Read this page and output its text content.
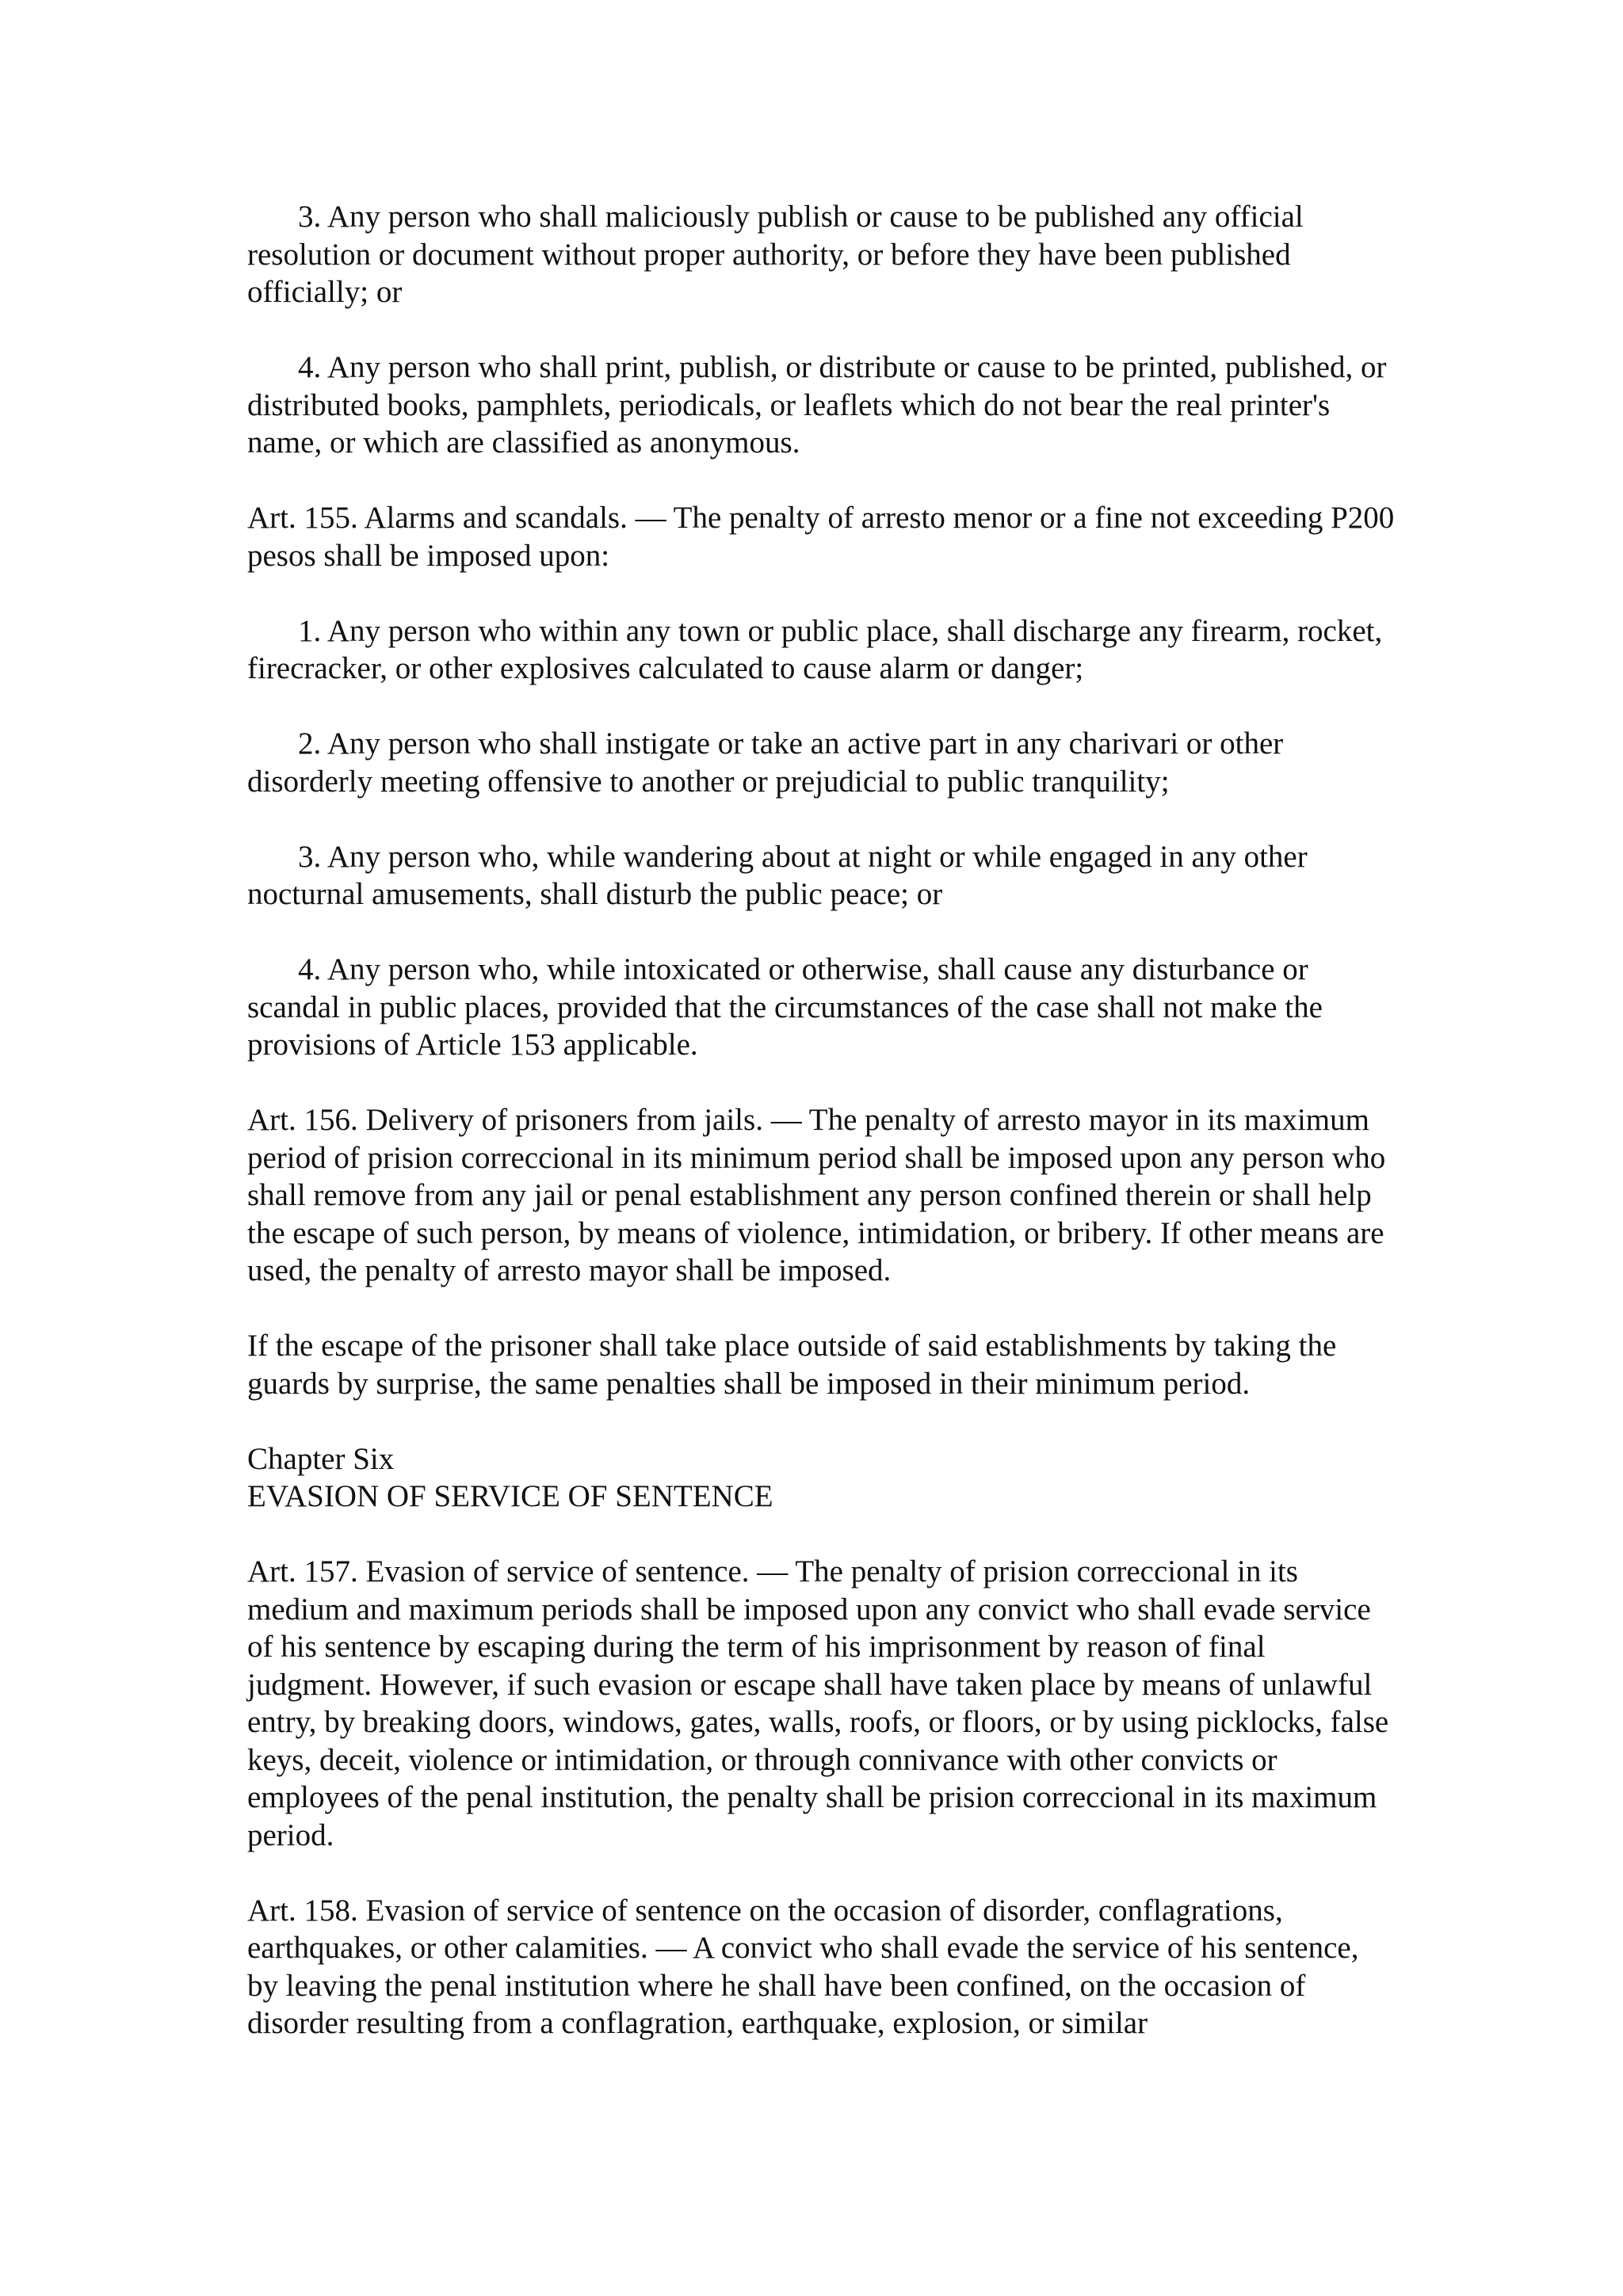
3. Any person who shall maliciously publish or cause to be published any official resolution or document without proper authority, or before they have been published officially; or

4. Any person who shall print, publish, or distribute or cause to be printed, published, or distributed books, pamphlets, periodicals, or leaflets which do not bear the real printer's name, or which are classified as anonymous.

Art. 155. Alarms and scandals. — The penalty of arresto menor or a fine not exceeding P200 pesos shall be imposed upon:

1. Any person who within any town or public place, shall discharge any firearm, rocket, firecracker, or other explosives calculated to cause alarm or danger;

2. Any person who shall instigate or take an active part in any charivari or other disorderly meeting offensive to another or prejudicial to public tranquility;

3. Any person who, while wandering about at night or while engaged in any other nocturnal amusements, shall disturb the public peace; or

4. Any person who, while intoxicated or otherwise, shall cause any disturbance or scandal in public places, provided that the circumstances of the case shall not make the provisions of Article 153 applicable.

Art. 156. Delivery of prisoners from jails. — The penalty of arresto mayor in its maximum period of prision correccional in its minimum period shall be imposed upon any person who shall remove from any jail or penal establishment any person confined therein or shall help the escape of such person, by means of violence, intimidation, or bribery. If other means are used, the penalty of arresto mayor shall be imposed.

If the escape of the prisoner shall take place outside of said establishments by taking the guards by surprise, the same penalties shall be imposed in their minimum period.

Chapter Six
EVASION OF SERVICE OF SENTENCE

Art. 157. Evasion of service of sentence. — The penalty of prision correccional in its medium and maximum periods shall be imposed upon any convict who shall evade service of his sentence by escaping during the term of his imprisonment by reason of final judgment. However, if such evasion or escape shall have taken place by means of unlawful entry, by breaking doors, windows, gates, walls, roofs, or floors, or by using picklocks, false keys, deceit, violence or intimidation, or through connivance with other convicts or employees of the penal institution, the penalty shall be prision correccional in its maximum period.

Art. 158. Evasion of service of sentence on the occasion of disorder, conflagrations, earthquakes, or other calamities. — A convict who shall evade the service of his sentence, by leaving the penal institution where he shall have been confined, on the occasion of disorder resulting from a conflagration, earthquake, explosion, or similar
